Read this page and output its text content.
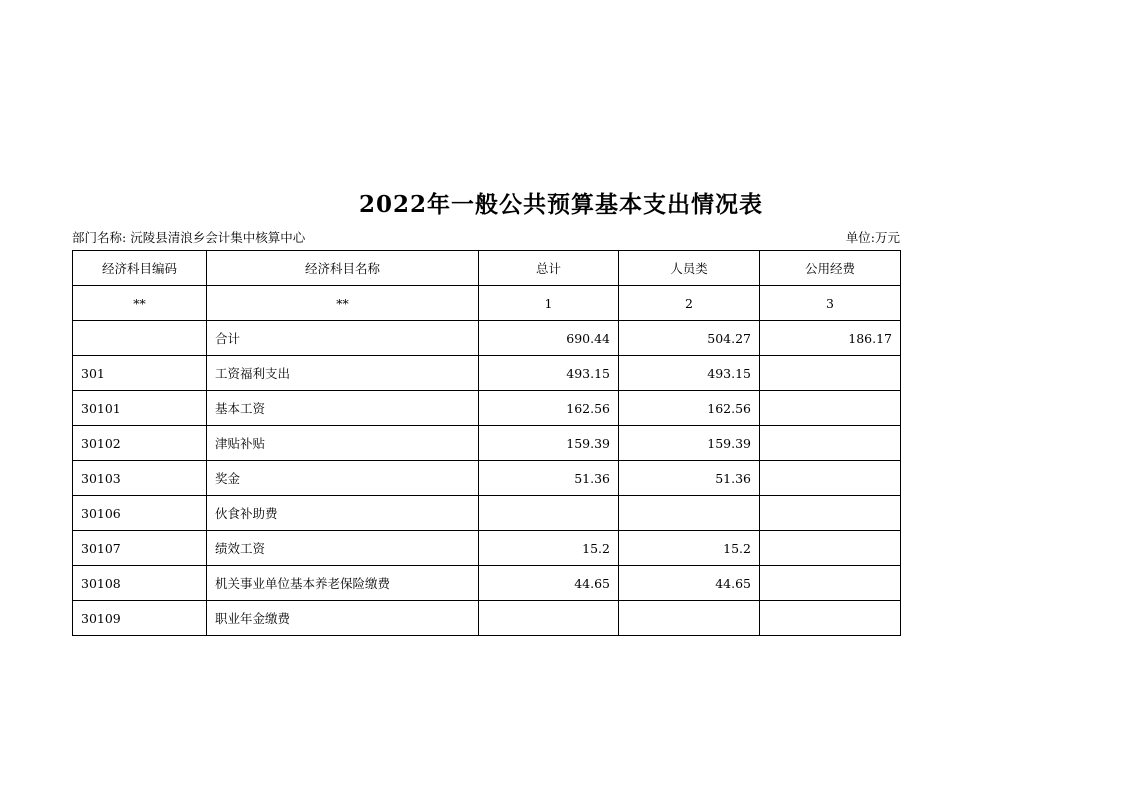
2022年一般公共预算基本支出情况表
部门名称: 沅陵县清浪乡会计集中核算中心	单位:万元
经济科目编码	经济科目名称	总计	人员类	公用经费
**	**	1	2	3
	合计	690.44	504.27	186.17
301	工资福利支出	493.15	493.15	
30101	基本工资	162.56	162.56	
30102	津贴补贴	159.39	159.39	
30103	奖金	51.36	51.36	
30106	伙食补助费			
30107	绩效工资	15.2	15.2	
30108	机关事业单位基本养老保险缴费	44.65	44.65	
30109	职业年金缴费			
